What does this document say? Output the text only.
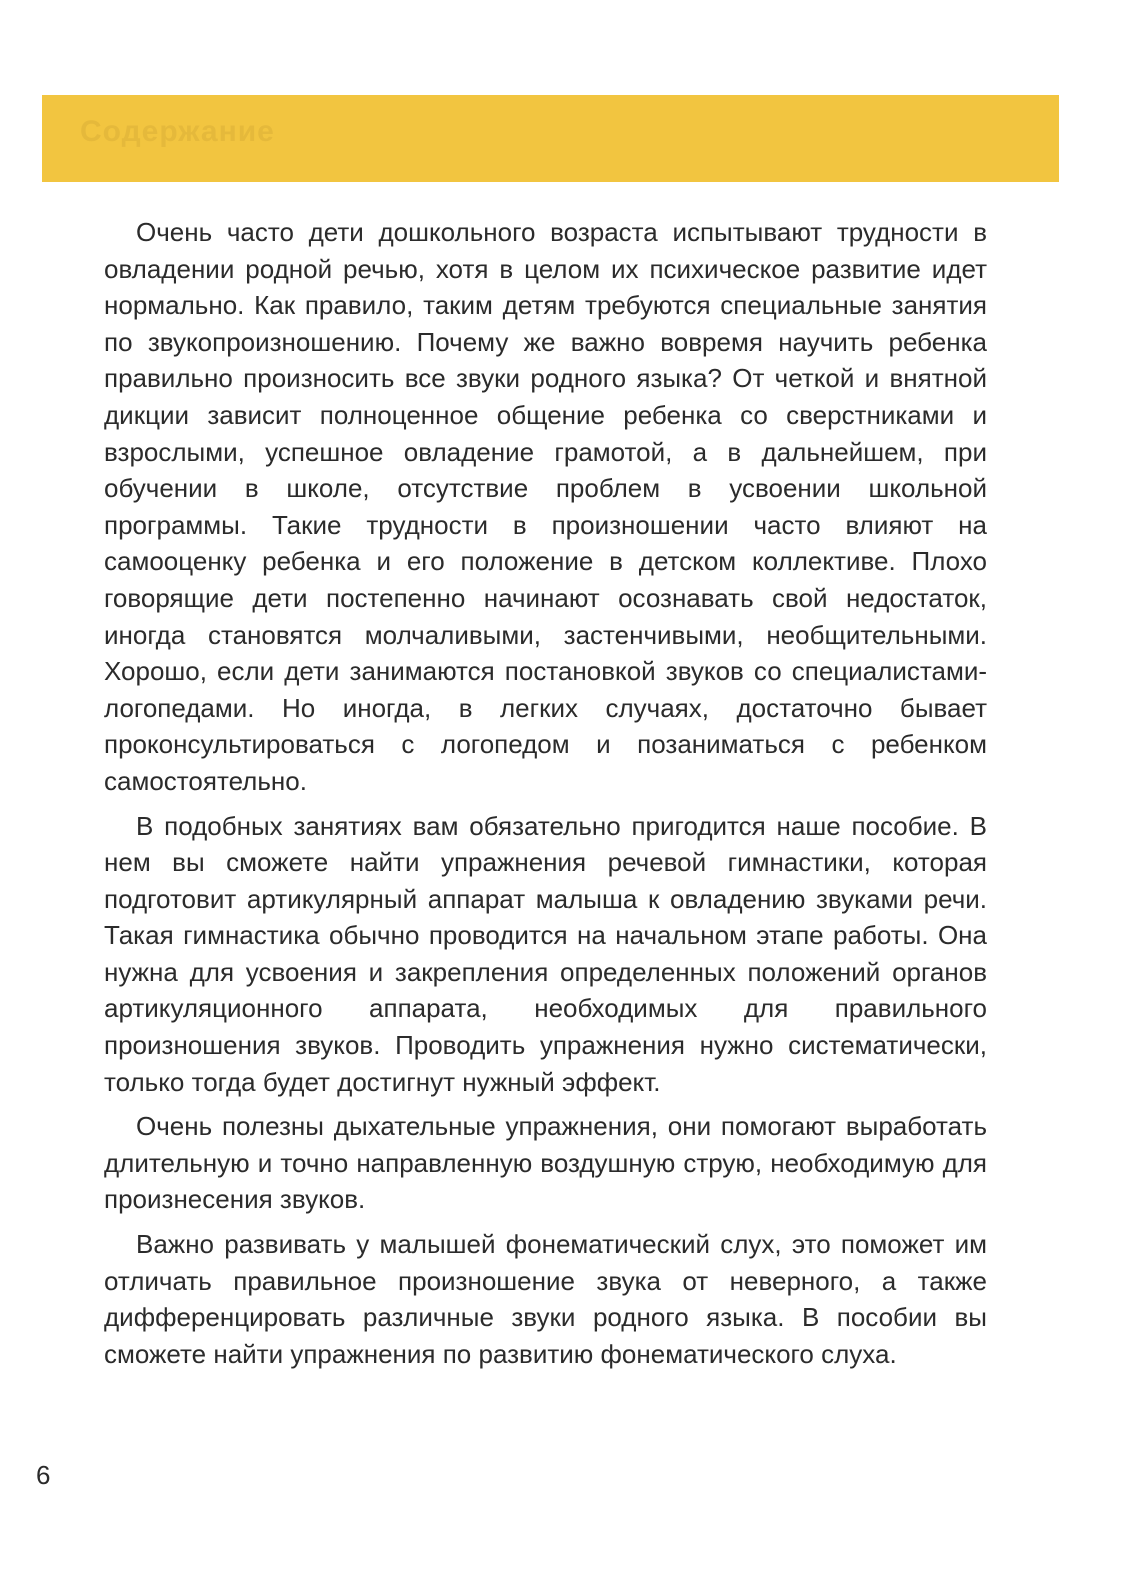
Содержание

Очень часто дети дошкольного возраста испытывают трудности в овладении родной речью, хотя в целом их психическое развитие идет нормально. Как правило, таким детям требуются специальные занятия по звукопроизношению. Почему же важно вовремя научить ребенка правильно произносить все звуки родного языка? От четкой и внятной дикции зависит полноценное общение ребенка со сверстниками и взрослыми, успешное овладение грамотой, а в дальнейшем, при обучении в школе, отсутствие проблем в усвоении школьной программы. Такие трудности в произношении часто влияют на самооценку ребенка и его положение в детском коллективе. Плохо говорящие дети постепенно начинают осознавать свой недостаток, иногда становятся молчаливыми, застенчивыми, необщительными. Хорошо, если дети занимаются постановкой звуков со специалистами-логопедами. Но иногда, в легких случаях, достаточно бывает проконсультироваться с логопедом и позаниматься с ребенком самостоятельно.

В подобных занятиях вам обязательно пригодится наше пособие. В нем вы сможете найти упражнения речевой гимнастики, которая подготовит артикулярный аппарат малыша к овладению звуками речи. Такая гимнастика обычно проводится на начальном этапе работы. Она нужна для усвоения и закрепления определенных положений органов артикуляционного аппарата, необходимых для правильного произношения звуков. Проводить упражнения нужно систематически, только тогда будет достигнут нужный эффект.

Очень полезны дыхательные упражнения, они помогают выработать длительную и точно направленную воздушную струю, необходимую для произнесения звуков.

Важно развивать у малышей фонематический слух, это поможет им отличать правильное произношение звука от неверного, а также дифференцировать различные звуки родного языка. В пособии вы сможете найти упражнения по развитию фонематического слуха.

6
